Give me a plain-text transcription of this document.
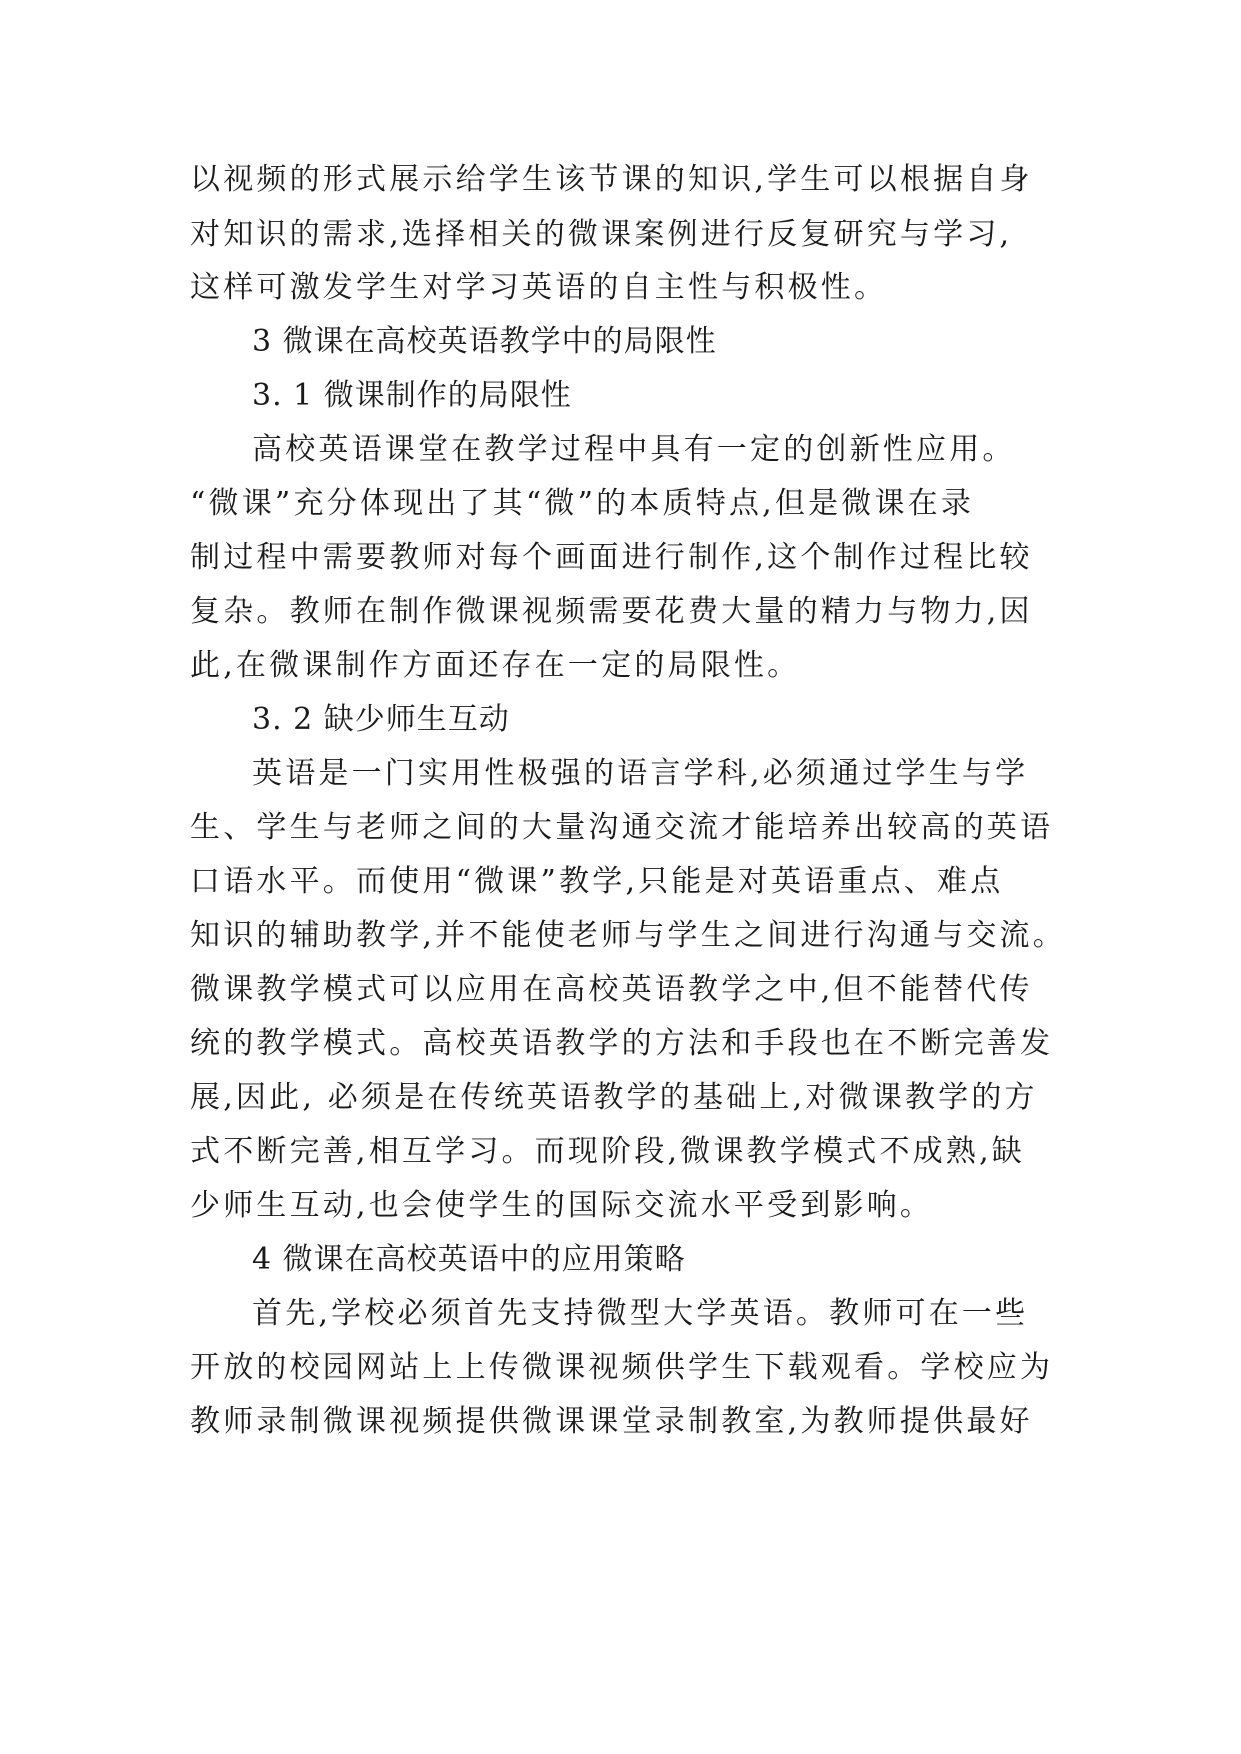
以视频的形式展示给学生该节课的知识,学生可以根据自身
对知识的需求,选择相关的微课案例进行反复研究与学习,
这样可激发学生对学习英语的自主性与积极性。
3 微课在高校英语教学中的局限性
3. 1 微课制作的局限性
高校英语课堂在教学过程中具有一定的创新性应用。
“微课”充分体现出了其“微”的本质特点,但是微课在录
制过程中需要教师对每个画面进行制作,这个制作过程比较
复杂。教师在制作微课视频需要花费大量的精力与物力,因
此,在微课制作方面还存在一定的局限性。
3. 2 缺少师生互动
英语是一门实用性极强的语言学科,必须通过学生与学
生、学生与老师之间的大量沟通交流才能培养出较高的英语
口语水平。而使用“微课”教学,只能是对英语重点、难点
知识的辅助教学,并不能使老师与学生之间进行沟通与交流。
微课教学模式可以应用在高校英语教学之中,但不能替代传
统的教学模式。高校英语教学的方法和手段也在不断完善发
展,因此, 必须是在传统英语教学的基础上,对微课教学的方
式不断完善,相互学习。而现阶段,微课教学模式不成熟,缺
少师生互动,也会使学生的国际交流水平受到影响。
4 微课在高校英语中的应用策略
首先,学校必须首先支持微型大学英语。教师可在一些
开放的校园网站上上传微课视频供学生下载观看。学校应为
教师录制微课视频提供微课课堂录制教室,为教师提供最好
